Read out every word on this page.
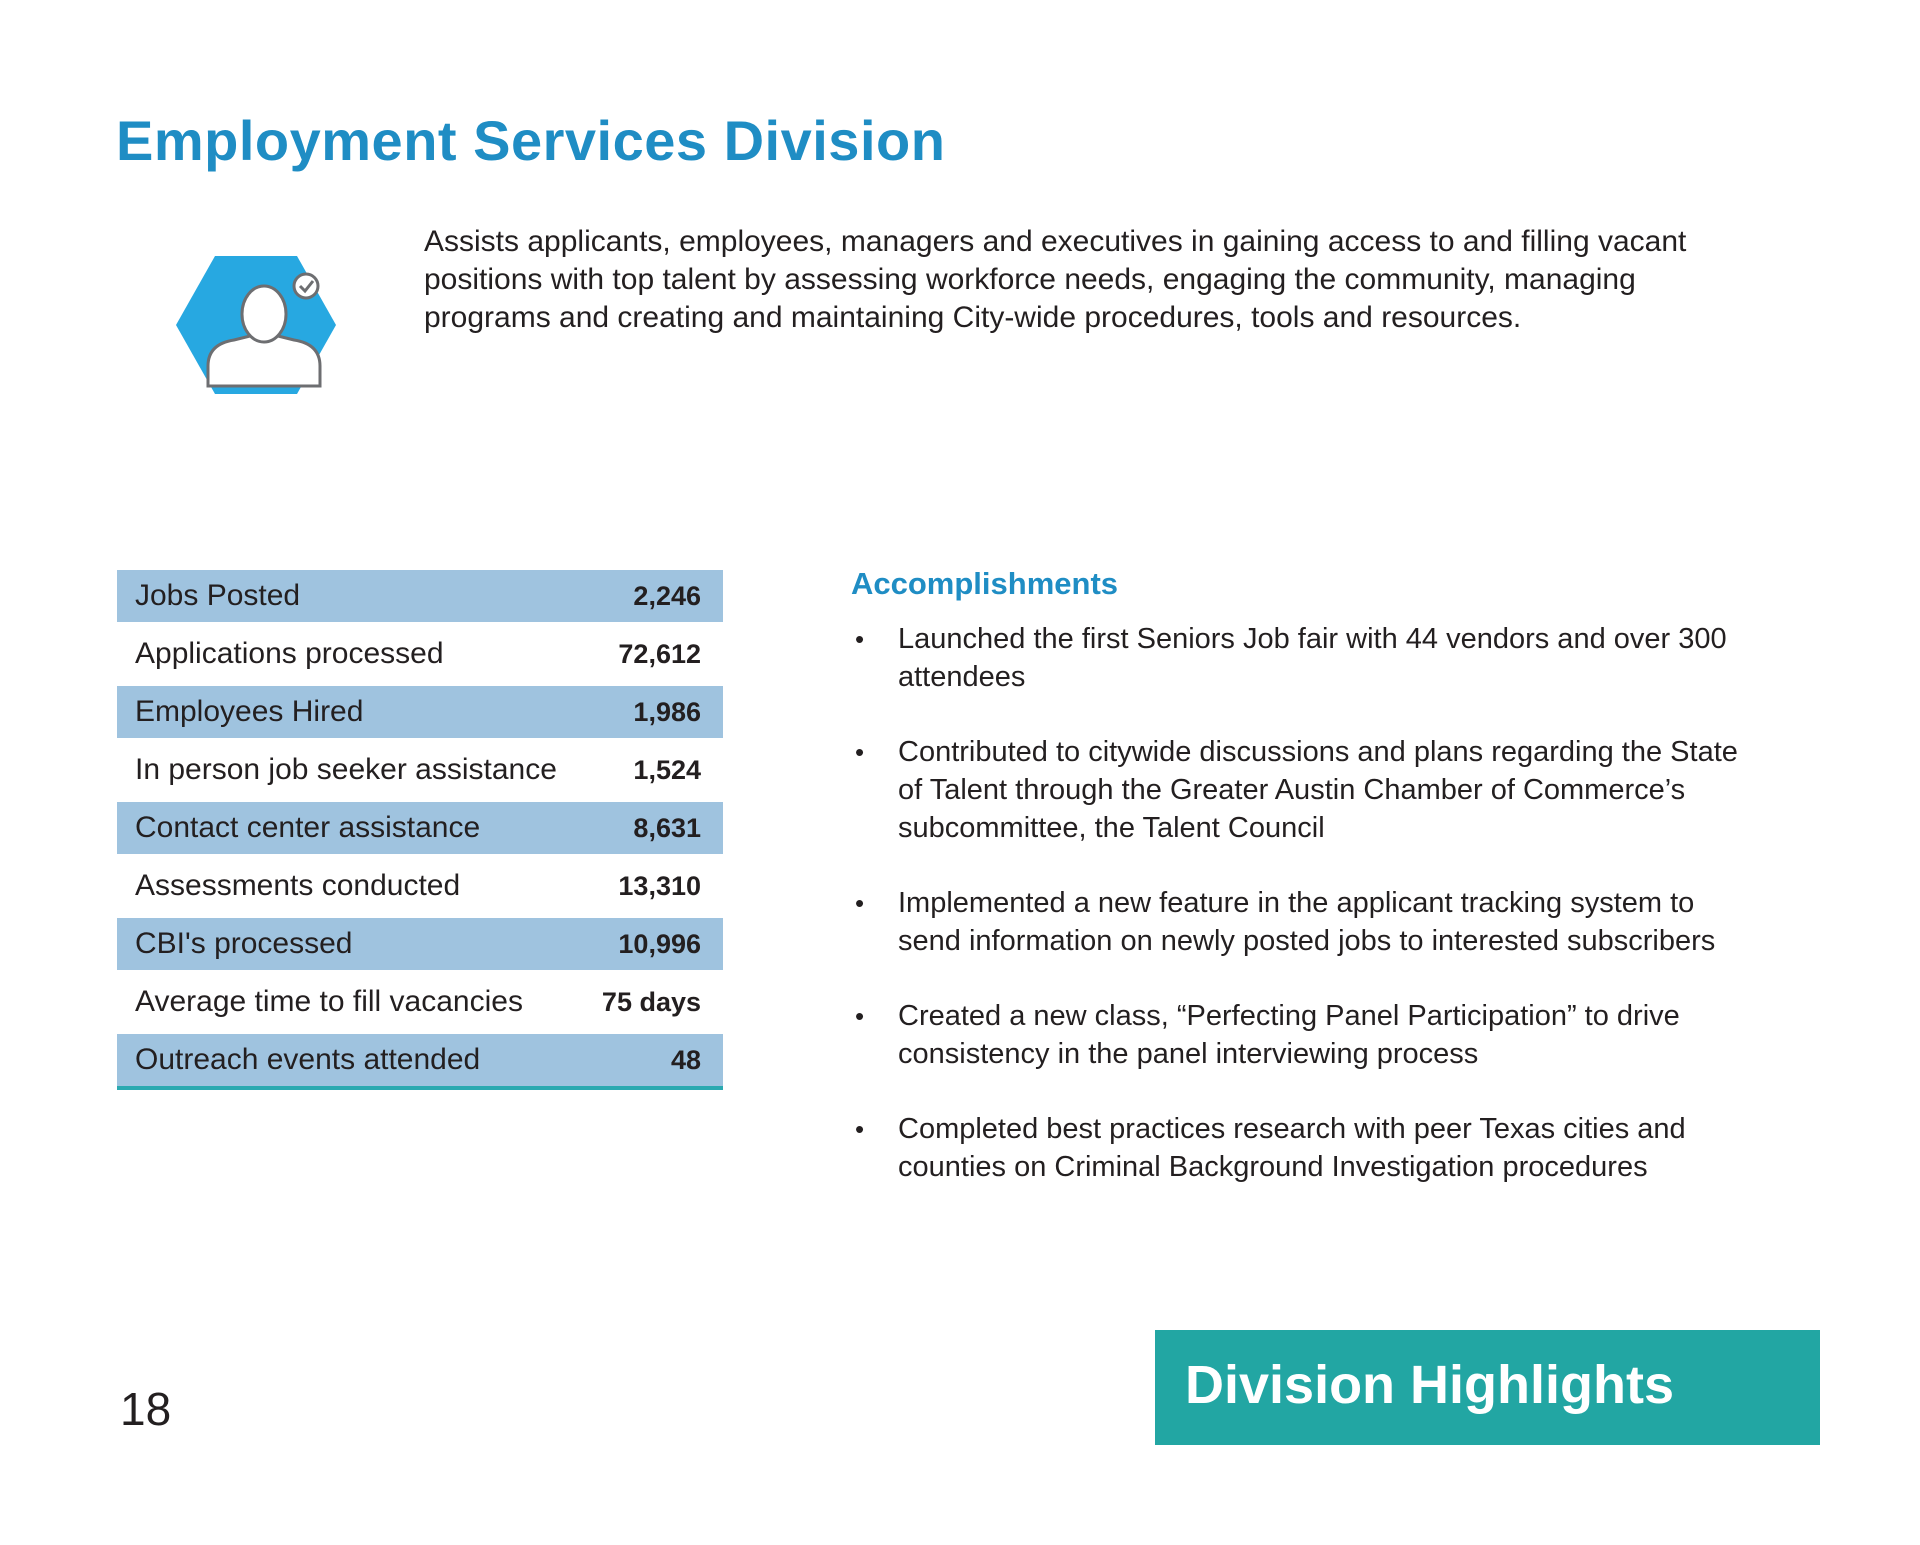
Employment Services Division

Assists applicants, employees, managers and executives in gaining access to and filling vacant positions with top talent by assessing workforce needs, engaging the community, managing programs and creating and maintaining City-wide procedures, tools and resources.

Jobs Posted	2,246
Applications processed	72,612
Employees Hired	1,986
In person job seeker assistance	1,524
Contact center assistance	8,631
Assessments conducted	13,310
CBI's processed	10,996
Average time to fill vacancies	75 days
Outreach events attended	48
Accomplishments
• Launched the first Seniors Job fair with 44 vendors and over 300 attendees
• Contributed to citywide discussions and plans regarding the State of Talent through the Greater Austin Chamber of Commerce’s subcommittee, the Talent Council
• Implemented a new feature in the applicant tracking system to send information on newly posted jobs to interested subscribers
• Created a new class, “Perfecting Panel Participation” to drive consistency in the panel interviewing process
• Completed best practices research with peer Texas cities and counties on Criminal Background Investigation procedures
18	Division Highlights
